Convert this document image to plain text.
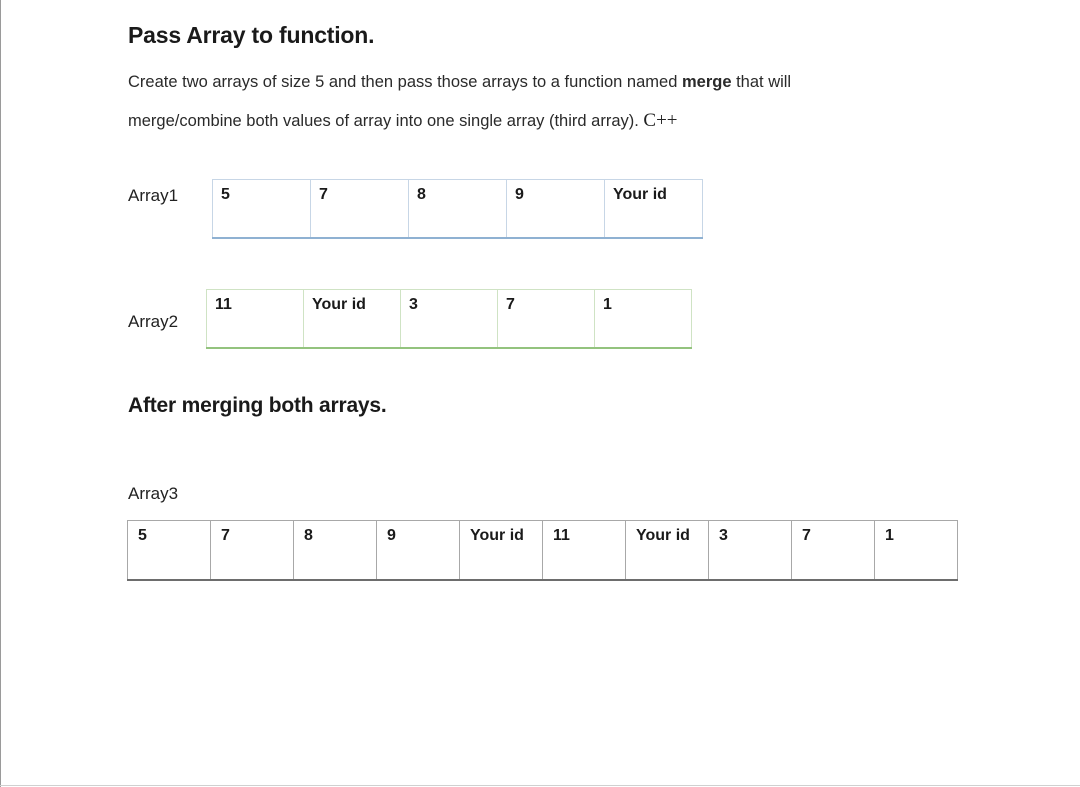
Pass Array to function.
Create two arrays of size 5 and then pass those arrays to a function named merge that will
merge/combine both values of array into one single array (third array). C++
Array1	5	7	8	9	Your id
Array2
11	Your id	3	7	1
After merging both arrays.
Array3
5	7	8	9	Your id	11	Your id	3	7	1
